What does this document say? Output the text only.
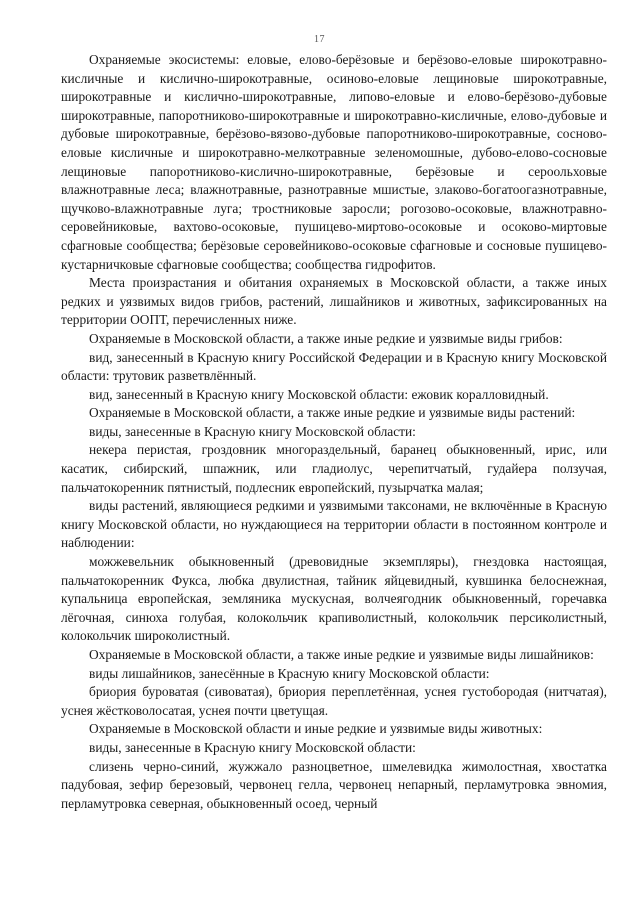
17

Охраняемые экосистемы: еловые, елово-берёзовые и берёзово-еловые широкотравно-кисличные и кислично-широкотравные, осиново-еловые лещиновые широкотравные, широкотравные и кислично-широкотравные, липово-еловые и елово-берёзово-дубовые широкотравные, папоротниково-широкотравные и широкотравно-кисличные, елово-дубовые и дубовые широкотравные, берёзово-вязово-дубовые папоротниково-широкотравные, сосново-еловые кисличные и широкотравно-мелкотравные зеленомошные, дубово-елово-сосновые лещиновые папоротниково-кислично-широкотравные, берёзовые и сероольховые влажнотравные леса; влажнотравные, разнотравные мшистые, злаково-богатоогазнотравные, щучково-влажнотравные луга; тростниковые заросли; рогозово-осоковые, влажнотравно-серовейниковые, вахтово-осоковые, пушицево-миртово-осоковые и осоково-миртовые сфагновые сообщества; берёзовые серовейниково-осоковые сфагновые и сосновые пушицево-кустарничковые сфагновые сообщества; сообщества гидрофитов.

Места произрастания и обитания охраняемых в Московской области, а также иных редких и уязвимых видов грибов, растений, лишайников и животных, зафиксированных на территории ООПТ, перечисленных ниже.

Охраняемые в Московской области, а также иные редкие и уязвимые виды грибов:

вид, занесенный в Красную книгу Российской Федерации и в Красную книгу Московской области: трутовик разветвлённый.

вид, занесенный в Красную книгу Московской области: ежовик коралловидный.

Охраняемые в Московской области, а также иные редкие и уязвимые виды растений:

виды, занесенные в Красную книгу Московской области:

некера перистая, гроздовник многораздельный, баранец обыкновенный, ирис, или касатик, сибирский, шпажник, или гладиолус, черепитчатый, гудайера ползучая, пальчатокоренник пятнистый, подлесник европейский, пузырчатка малая;

виды растений, являющиеся редкими и уязвимыми таксонами, не включённые в Красную книгу Московской области, но нуждающиеся на территории области в постоянном контроле и наблюдении:

можжевельник обыкновенный (древовидные экземпляры), гнездовка настоящая, пальчатокоренник Фукса, любка двулистная, тайник яйцевидный, кувшинка белоснежная, купальница европейская, земляника мускусная, волчеягодник обыкновенный, горечавка лёгочная, синюха голубая, колокольчик крапиволистный, колокольчик персиколистный, колокольчик широколистный.

Охраняемые в Московской области, а также иные редкие и уязвимые виды лишайников:

виды лишайников, занесённые в Красную книгу Московской области:

бриория буроватая (сивоватая), бриория переплетённая, уснея густобородая (нитчатая), уснея жёстковолосатая, уснея почти цветущая.

Охраняемые в Московской области и иные редкие и уязвимые виды животных:

виды, занесенные в Красную книгу Московской области:

слизень черно-синий, жужжало разноцветное, шмелевидка жимолостная, хвостатка падубовая, зефир березовый, червонец гелла, червонец непарный, перламутровка эвномия, перламутровка северная, обыкновенный осоед, черный
